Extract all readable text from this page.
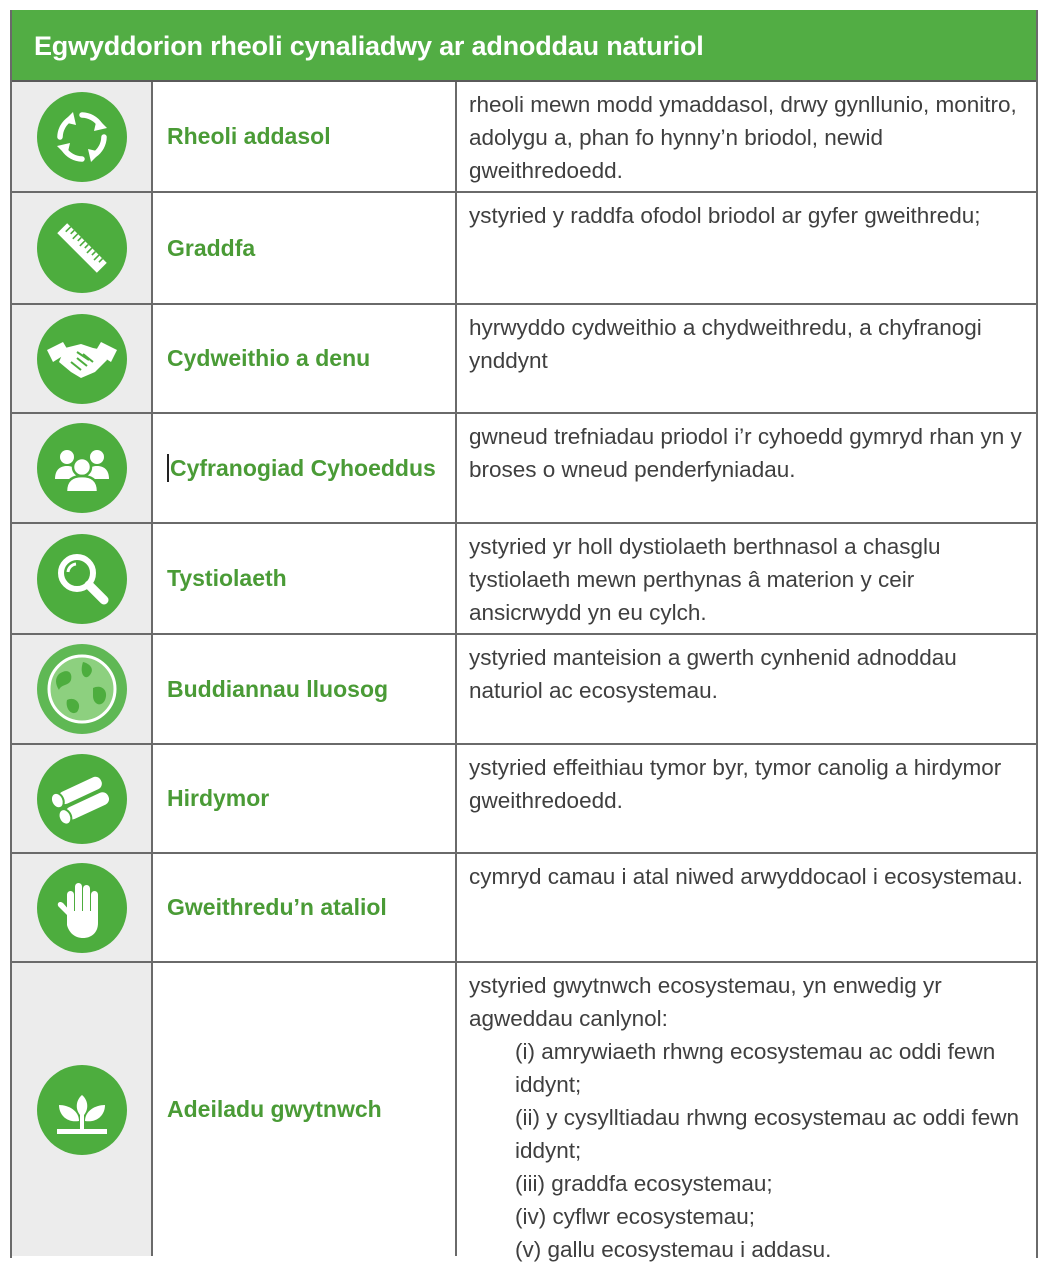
Egwyddorion rheoli cynaliadwy ar adnoddau naturiol
Rheoli addasol
rheoli mewn modd ymaddasol, drwy gynllunio, monitro, adolygu a, phan fo hynny’n briodol, newid gweithredoedd.
Graddfa
ystyried y raddfa ofodol briodol ar gyfer gweithredu;
Cydweithio a denu
hyrwyddo cydweithio a chydweithredu, a chyfranogi ynddynt
Cyfranogiad Cyhoeddus
gwneud trefniadau priodol i’r cyhoedd gymryd rhan yn y broses o wneud penderfyniadau.
Tystiolaeth
ystyried yr holl dystiolaeth berthnasol a chasglu tystiolaeth mewn perthynas â materion y ceir ansicrwydd yn eu cylch.
Buddiannau lluosog
ystyried manteision a gwerth cynhenid adnoddau naturiol ac ecosystemau.
Hirdymor
ystyried effeithiau tymor byr, tymor canolig a hirdymor gweithredoedd.
Gweithredu’n ataliol
cymryd camau i atal niwed arwyddocaol i ecosystemau.
Adeiladu gwytnwch
ystyried gwytnwch ecosystemau, yn enwedig yr agweddau canlynol:
(i) amrywiaeth rhwng ecosystemau ac oddi fewn iddynt;
(ii) y cysylltiadau rhwng ecosystemau ac oddi fewn iddynt;
(iii) graddfa ecosystemau;
(iv) cyflwr ecosystemau;
(v) gallu ecosystemau i addasu.
